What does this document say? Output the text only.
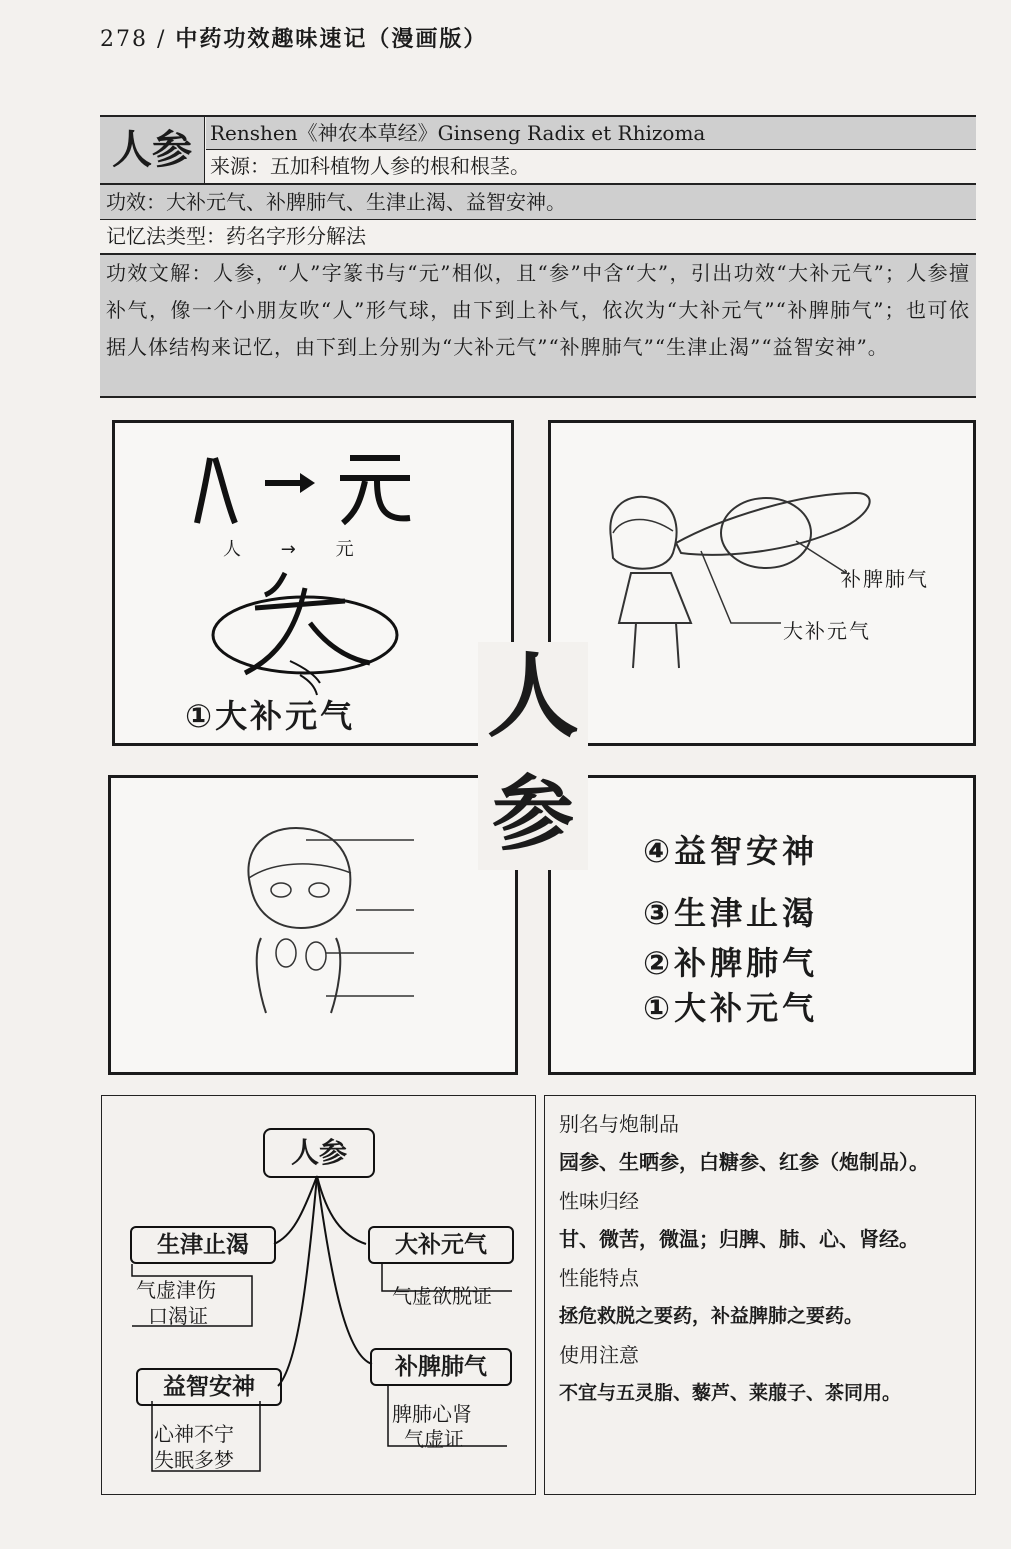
278 / 中药功效趣味速记（漫画版）
人参 Renshen《神农本草经》Ginseng Radix et Rhizoma
来源：五加科植物人参的根和根茎。
功效：大补元气、补脾肺气、生津止渴、益智安神。
记忆法类型：药名字形分解法
功效文解：人参，“人”字篆书与“元”相似，且“参”中含“大”，引出功效“大补元气”；人参擅补气，像一个小朋友吹“人”形气球，由下到上补气，依次为“大补元气”“补脾肺气”；也可依据人体结构来记忆，由下到上分别为“大补元气”“补脾肺气”“生津止渴”“益智安神”。
人 → 元
①大补元气
补脾肺气
大补元气
④益智安神
③生津止渴
②补脾肺气
①大补元气
人
参
人参
生津止渴
气虚津伤
口渴证
大补元气
气虚欲脱证
益智安神
心神不宁
失眠多梦
补脾肺气
脾肺心肾
气虚证
别名与炮制品
园参、生晒参，白糖参、红参（炮制品）。
性味归经
甘、微苦，微温；归脾、肺、心、肾经。
性能特点
拯危救脱之要药，补益脾肺之要药。
使用注意
不宜与五灵脂、藜芦、莱菔子、茶同用。
